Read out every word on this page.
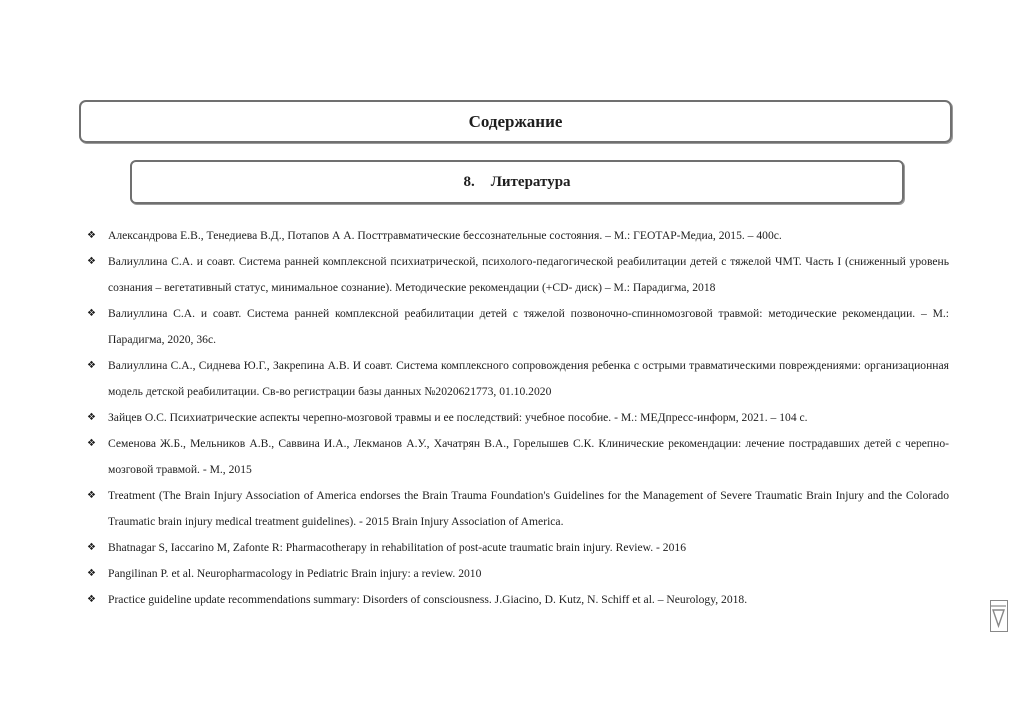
Содержание
8. Литература
❖ Александрова Е.В., Тенедиева В.Д., Потапов А А. Посттравматические бессознательные состояния. – М.: ГЕОТАР-Медиа, 2015. – 400с.
❖ Валиуллина С.А. и соавт. Система ранней комплексной психиатрической, психолого-педагогической реабилитации детей с тяжелой ЧМТ. Часть I (сниженный уровень сознания – вегетативный статус, минимальное сознание). Методические рекомендации (+CD- диск) – М.: Парадигма, 2018
❖ Валиуллина С.А. и соавт. Система ранней комплексной реабилитации детей с тяжелой позвоночно-спинномозговой травмой: методические рекомендации. – М.: Парадигма, 2020, 36с.
❖ Валиуллина С.А., Сиднева Ю.Г., Закрепина А.В. И соавт. Система комплексного сопровождения ребенка с острыми травматическими повреждениями: организационная модель детской реабилитации. Св-во регистрации базы данных №2020621773, 01.10.2020
❖ Зайцев О.С. Психиатрические аспекты черепно-мозговой травмы и ее последствий: учебное пособие. - М.: МЕДпресс-информ, 2021. – 104 с.
❖ Семенова Ж.Б., Мельников А.В., Саввина И.А., Лекманов А.У., Хачатрян В.А., Горелышев С.К. Клинические рекомендации: лечение пострадавших детей с черепно-мозговой травмой. - М., 2015
❖ Treatment (The Brain Injury Association of America endorses the Brain Trauma Foundation's Guidelines for the Management of Severe Traumatic Brain Injury and the Colorado Traumatic brain injury medical treatment guidelines). - 2015 Brain Injury Association of America.
❖ Bhatnagar S, Iaccarino M, Zafonte R: Pharmacotherapy in rehabilitation of post-acute traumatic brain injury. Review. - 2016
❖ Pangilinan P. et al. Neuropharmacology in Pediatric Brain injury: a review. 2010
❖ Practice guideline update recommendations summary: Disorders of consciousness. J.Giacino, D. Kutz, N. Schiff et al. – Neurology, 2018.
